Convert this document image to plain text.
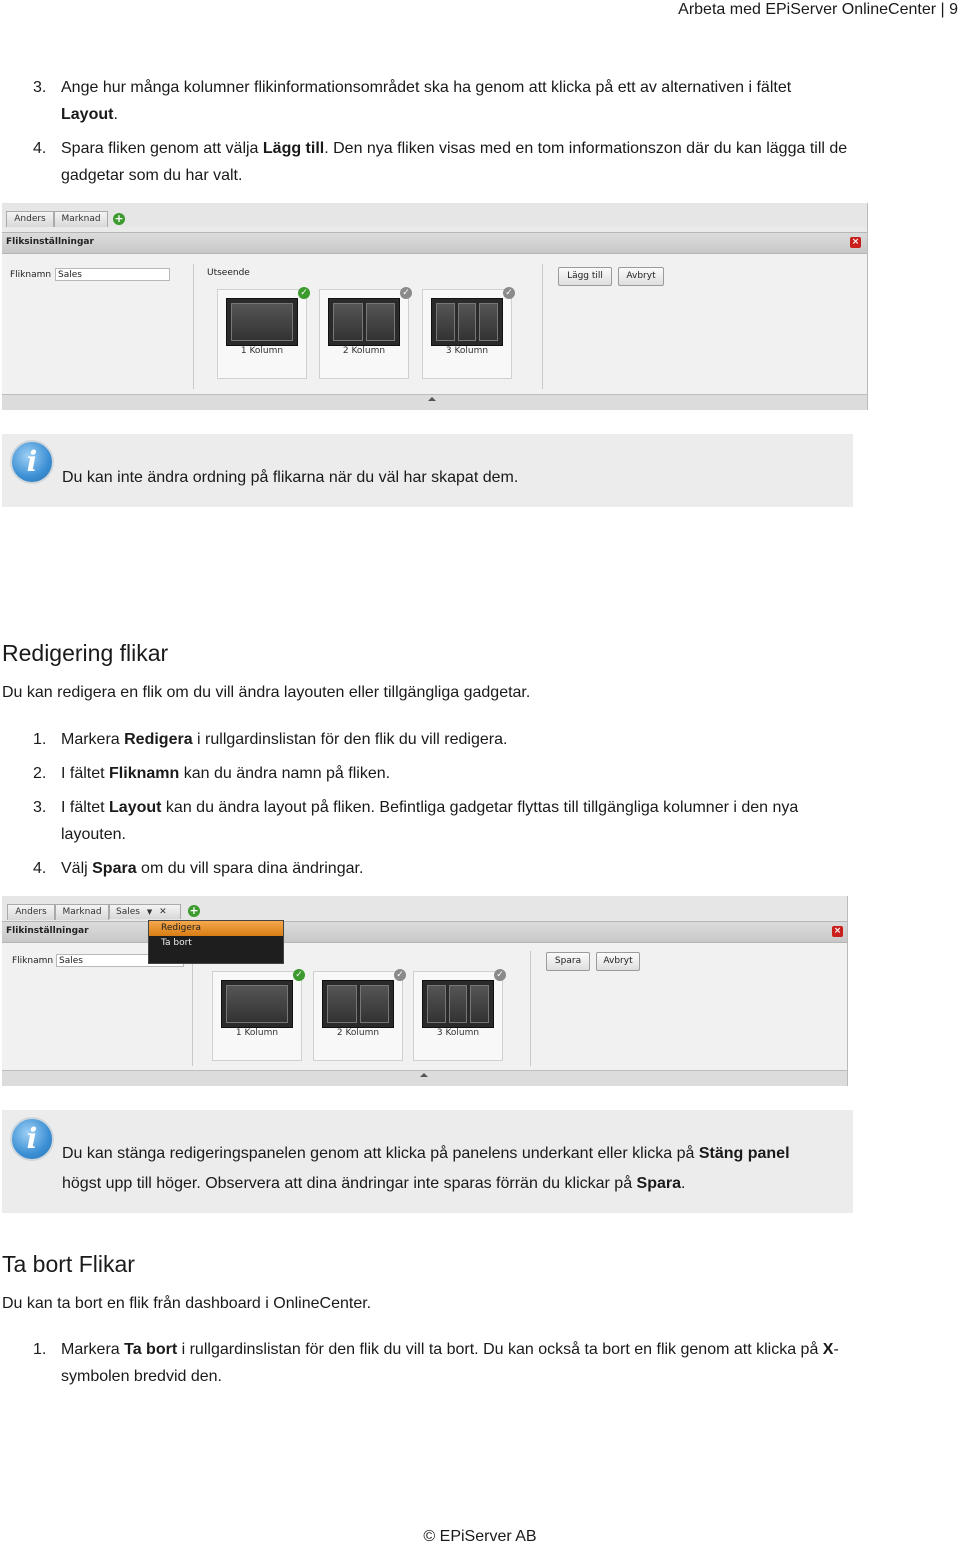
Arbeta med EPiServer OnlineCenter | 9
3. Ange hur många kolumner flikinformationsområdet ska ha genom att klicka på ett av alternativen i fältet Layout.
4. Spara fliken genom att välja Lägg till. Den nya fliken visas med en tom informationszon där du kan lägga till de gadgetar som du har valt.
Anders	Marknad	+
Fliksinställningar	×
Fliknamn Sales	Utseende
✓
1 Kolumn
✓
2 Kolumn
✓
3 Kolumn
Lägg till	Avbryt
i	Du kan inte ändra ordning på flikarna när du väl har skapat dem.
Redigering flikar
Du kan redigera en flik om du vill ändra layouten eller tillgängliga gadgetar.
1. Markera Redigera i rullgardinslistan för den flik du vill redigera.
2. I fältet Fliknamn kan du ändra namn på fliken.
3. I fältet Layout kan du ändra layout på fliken. Befintliga gadgetar flyttas till tillgängliga kolumner i den nya layouten.
4. Välj Spara om du vill spara dina ändringar.
Anders	Marknad	Sales ▼ ✕	+
Flikinställningar	×
Fliknamn Sales
✓
1 Kolumn
✓
2 Kolumn
✓
3 Kolumn
Spara	Avbryt
Redigera
Ta bort
i	Du kan stänga redigeringspanelen genom att klicka på panelens underkant eller klicka på Stäng panel högst upp till höger. Observera att dina ändringar inte sparas förrän du klickar på Spara.
Ta bort Flikar
Du kan ta bort en flik från dashboard i OnlineCenter.
1. Markera Ta bort i rullgardinslistan för den flik du vill ta bort. Du kan också ta bort en flik genom att klicka på X-symbolen bredvid den.
© EPiServer AB
